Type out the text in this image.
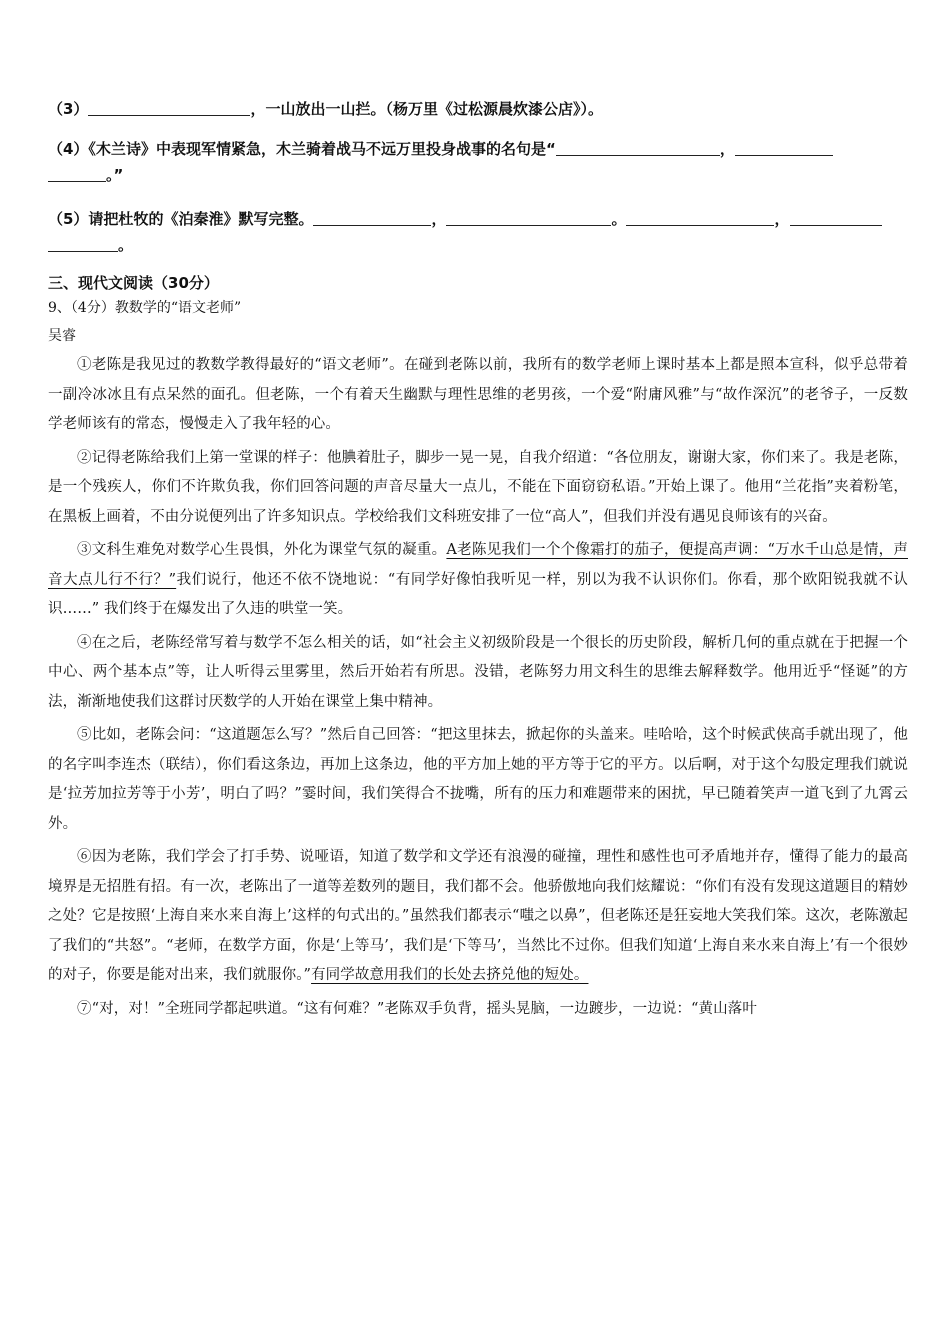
（3）	，一山放出一山拦。（杨万里《过松源晨炊漆公店》）。

（4）《木兰诗》中表现军情紧急，木兰骑着战马不远万里投身战事的名句是“	，
。”

（5）请把杜牧的《泊秦淮》默写完整。	，	。	，
。

三、现代文阅读（30分）

9、（4分）教数学的“语文老师”

吴睿

①老陈是我见过的教数学教得最好的“语文老师”。在碰到老陈以前，我所有的数学老师上课时基本上都是照本宣科，似乎总带着一副冷冰冰且有点呆然的面孔。但老陈，一个有着天生幽默与理性思维的老男孩，一个爱“附庸风雅”与“故作深沉”的老爷子，一反数学老师该有的常态，慢慢走入了我年轻的心。

②记得老陈给我们上第一堂课的样子：他腆着肚子，脚步一晃一晃，自我介绍道：“各位朋友，谢谢大家，你们来了。我是老陈，是一个残疾人，你们不许欺负我，你们回答问题的声音尽量大一点儿，不能在下面窃窃私语。”开始上课了。他用“兰花指”夹着粉笔，在黑板上画着，不由分说便列出了许多知识点。学校给我们文科班安排了一位“高人”，但我们并没有遇见良师该有的兴奋。

③文科生难免对数学心生畏惧，外化为课堂气氛的凝重。A老陈见我们一个个像霜打的茄子，便提高声调：“万水千山总是情，声音大点儿行不行？”我们说行，他还不依不饶地说：“有同学好像怕我听见一样，别以为我不认识你们。你看，那个欧阳锐我就不认识……” 我们终于在爆发出了久违的哄堂一笑。

④在之后，老陈经常写着与数学不怎么相关的话，如“社会主义初级阶段是一个很长的历史阶段，解析几何的重点就在于把握一个中心、两个基本点”等，让人听得云里雾里，然后开始若有所思。没错，老陈努力用文科生的思维去解释数学。他用近乎“怪诞”的方法，渐渐地使我们这群讨厌数学的人开始在课堂上集中精神。

⑤比如，老陈会问：“这道题怎么写？”然后自己回答：“把这里抹去，掀起你的头盖来。哇哈哈，这个时候武侠高手就出现了，他的名字叫李连杰（联结），你们看这条边，再加上这条边，他的平方加上她的平方等于它的平方。以后啊，对于这个勾股定理我们就说是‘拉芳加拉芳等于小芳’，明白了吗？”霎时间，我们笑得合不拢嘴，所有的压力和难题带来的困扰，早已随着笑声一道飞到了九霄云外。

⑥因为老陈，我们学会了打手势、说哑语，知道了数学和文学还有浪漫的碰撞，理性和感性也可矛盾地并存，懂得了能力的最高境界是无招胜有招。有一次，老陈出了一道等差数列的题目，我们都不会。他骄傲地向我们炫耀说：“你们有没有发现这道题目的精妙之处？它是按照‘上海自来水来自海上’这样的句式出的。”虽然我们都表示“嗤之以鼻”，但老陈还是狂妄地大笑我们笨。这次，老陈激起了我们的“共怒”。“老师，在数学方面，你是‘上等马’，我们是‘下等马’，当然比不过你。但我们知道‘上海自来水来自海上’有一个很妙的对子，你要是能对出来，我们就服你。”有同学故意用我们的长处去挤兑他的短处。

⑦“对，对！”全班同学都起哄道。“这有何难？”老陈双手负背，摇头晃脑，一边踱步，一边说：“黄山落叶
